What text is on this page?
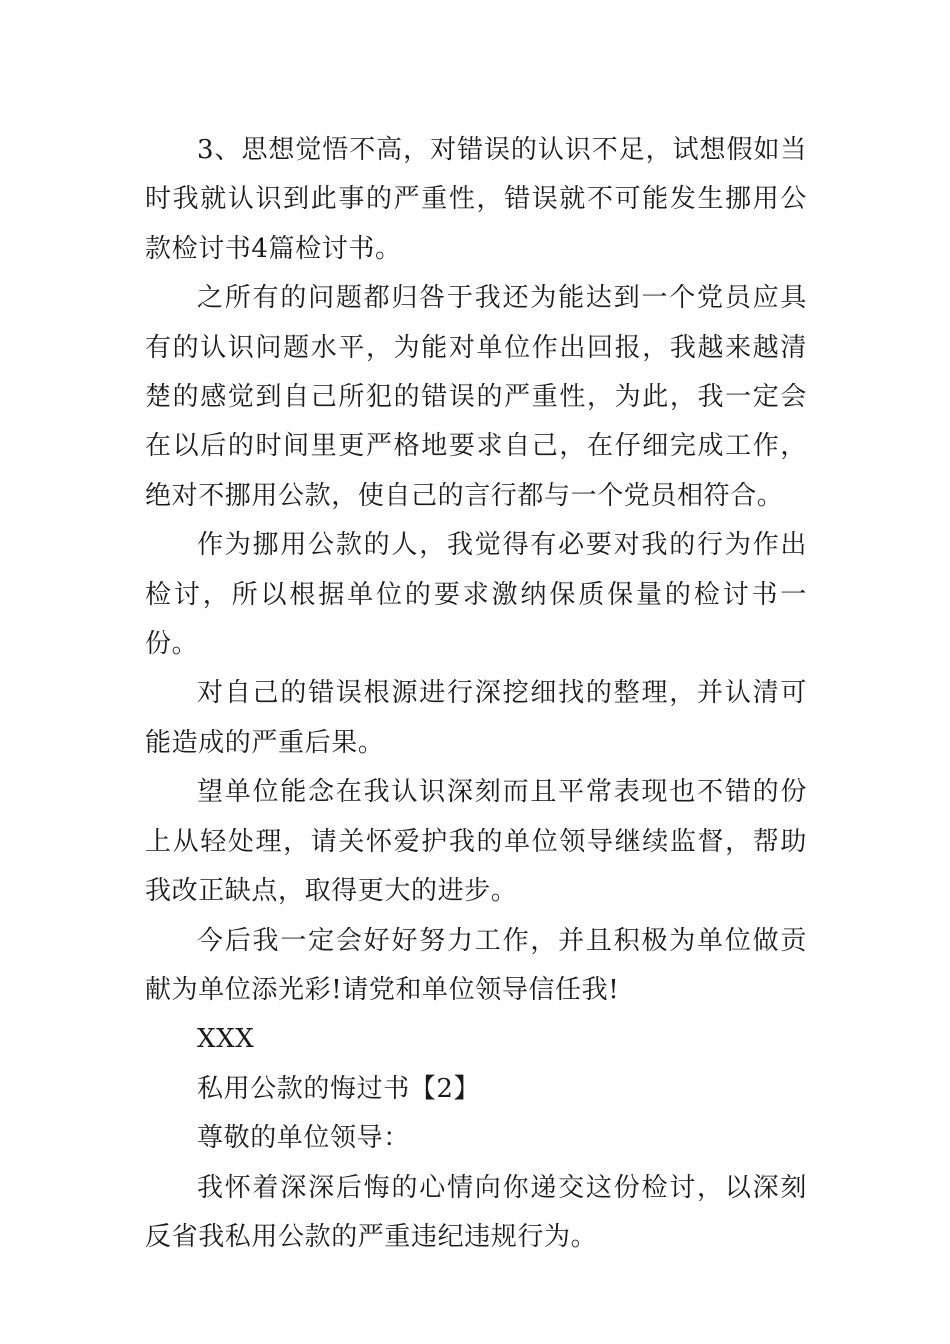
3、思想觉悟不高，对错误的认识不足，试想假如当时我就认识到此事的严重性，错误就不可能发生挪用公款检讨书4篇检讨书。

之所有的问题都归咎于我还为能达到一个党员应具有的认识问题水平，为能对单位作出回报，我越来越清楚的感觉到自己所犯的错误的严重性，为此，我一定会在以后的时间里更严格地要求自己，在仔细完成工作，绝对不挪用公款，使自己的言行都与一个党员相符合。

作为挪用公款的人，我觉得有必要对我的行为作出检讨，所以根据单位的要求激纳保质保量的检讨书一份。

对自己的错误根源进行深挖细找的整理，并认清可能造成的严重后果。

望单位能念在我认识深刻而且平常表现也不错的份上从轻处理，请关怀爱护我的单位领导继续监督，帮助我改正缺点，取得更大的进步。

今后我一定会好好努力工作，并且积极为单位做贡献为单位添光彩!请党和单位领导信任我!

XXX

私用公款的悔过书【2】

尊敬的单位领导：

我怀着深深后悔的心情向你递交这份检讨，以深刻反省我私用公款的严重违纪违规行为。
